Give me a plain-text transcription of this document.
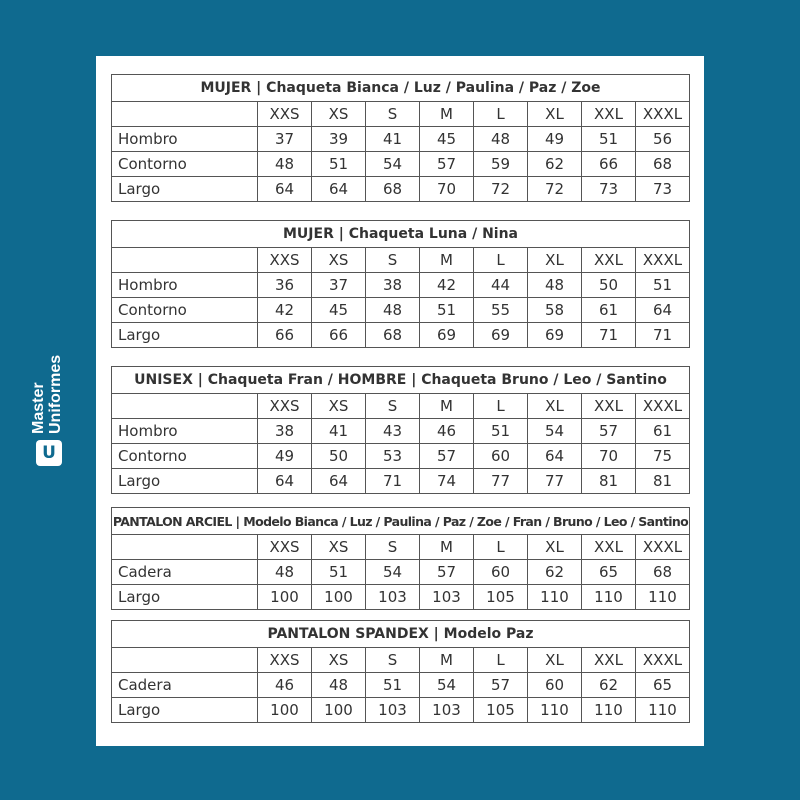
Master Uniformes
U
MUJER | Chaqueta Bianca / Luz / Paulina / Paz / Zoe								
	XXS	XS	S	M	L	XL	XXL	XXXL
Hombro	37	39	41	45	48	49	51	56
Contorno	48	51	54	57	59	62	66	68
Largo	64	64	68	70	72	72	73	73
MUJER | Chaqueta Luna / Nina								
	XXS	XS	S	M	L	XL	XXL	XXXL
Hombro	36	37	38	42	44	48	50	51
Contorno	42	45	48	51	55	58	61	64
Largo	66	66	68	69	69	69	71	71
UNISEX | Chaqueta Fran / HOMBRE | Chaqueta Bruno / Leo / Santino								
	XXS	XS	S	M	L	XL	XXL	XXXL
Hombro	38	41	43	46	51	54	57	61
Contorno	49	50	53	57	60	64	70	75
Largo	64	64	71	74	77	77	81	81
PANTALON ARCIEL | Modelo Bianca / Luz / Paulina / Paz / Zoe / Fran / Bruno / Leo / Santino								
	XXS	XS	S	M	L	XL	XXL	XXXL
Cadera	48	51	54	57	60	62	65	68
Largo	100	100	103	103	105	110	110	110
PANTALON SPANDEX | Modelo Paz								
	XXS	XS	S	M	L	XL	XXL	XXXL
Cadera	46	48	51	54	57	60	62	65
Largo	100	100	103	103	105	110	110	110
